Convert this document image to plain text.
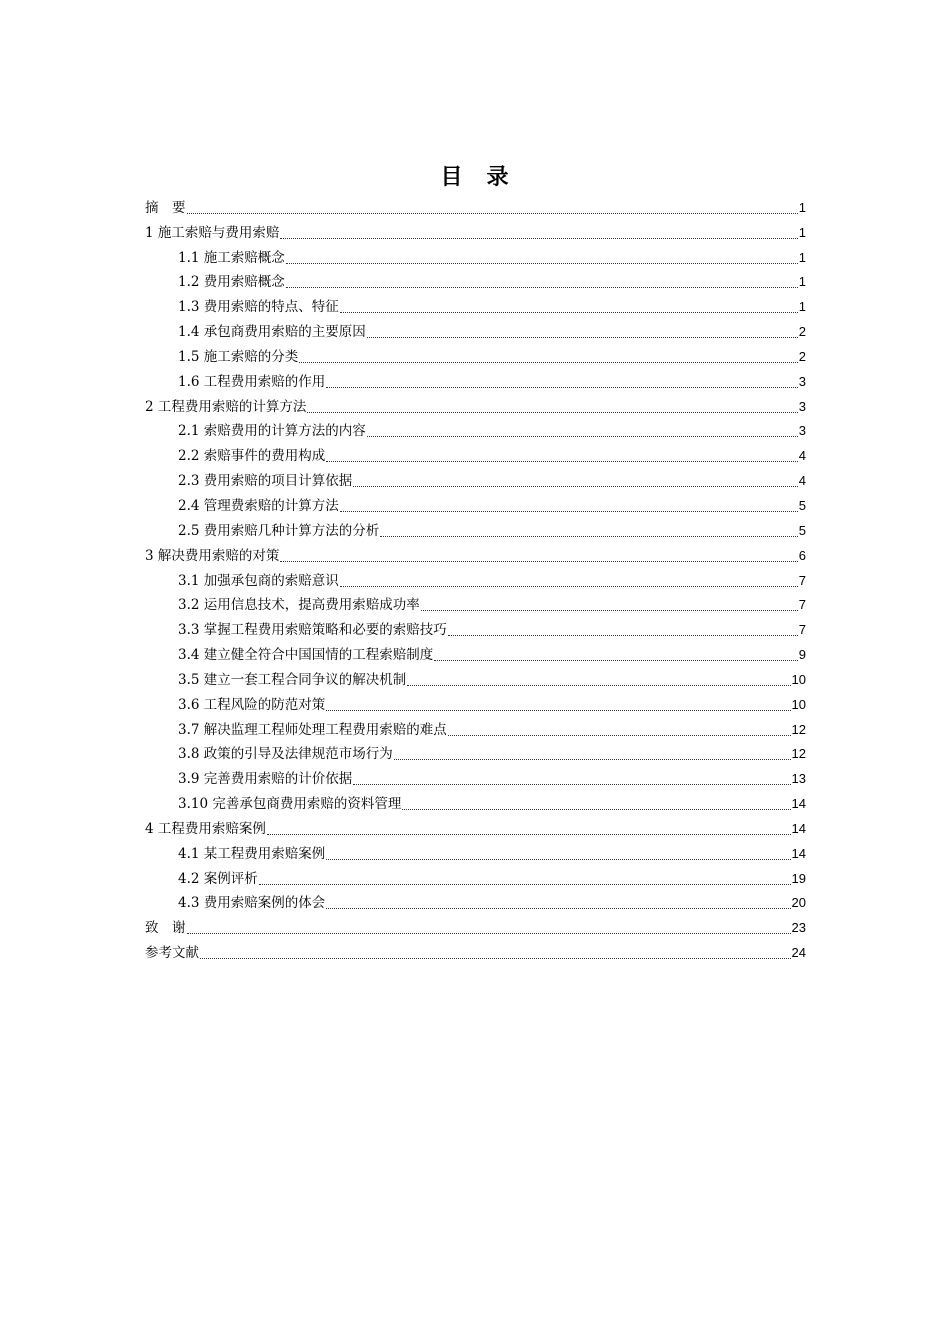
目　录
摘　要	1
1 施工索赔与费用索赔	1
1.1 施工索赔概念	1
1.2 费用索赔概念	1
1.3 费用索赔的特点、特征	1
1.4 承包商费用索赔的主要原因	2
1.5 施工索赔的分类	2
1.6 工程费用索赔的作用	3
2 工程费用索赔的计算方法	3
2.1 索赔费用的计算方法的内容	3
2.2 索赔事件的费用构成	4
2.3 费用索赔的项目计算依据	4
2.4 管理费索赔的计算方法	5
2.5 费用索赔几种计算方法的分析	5
3 解决费用索赔的对策	6
3.1 加强承包商的索赔意识	7
3.2 运用信息技术，提高费用索赔成功率	7
3.3 掌握工程费用索赔策略和必要的索赔技巧	7
3.4 建立健全符合中国国情的工程索赔制度	9
3.5 建立一套工程合同争议的解决机制	10
3.6 工程风险的防范对策	10
3.7 解决监理工程师处理工程费用索赔的难点	12
3.8 政策的引导及法律规范市场行为	12
3.9 完善费用索赔的计价依据	13
3.10 完善承包商费用索赔的资料管理	14
4 工程费用索赔案例	14
4.1 某工程费用索赔案例	14
4.2 案例评析	19
4.3 费用索赔案例的体会	20
致　谢	23
参考文献	24
